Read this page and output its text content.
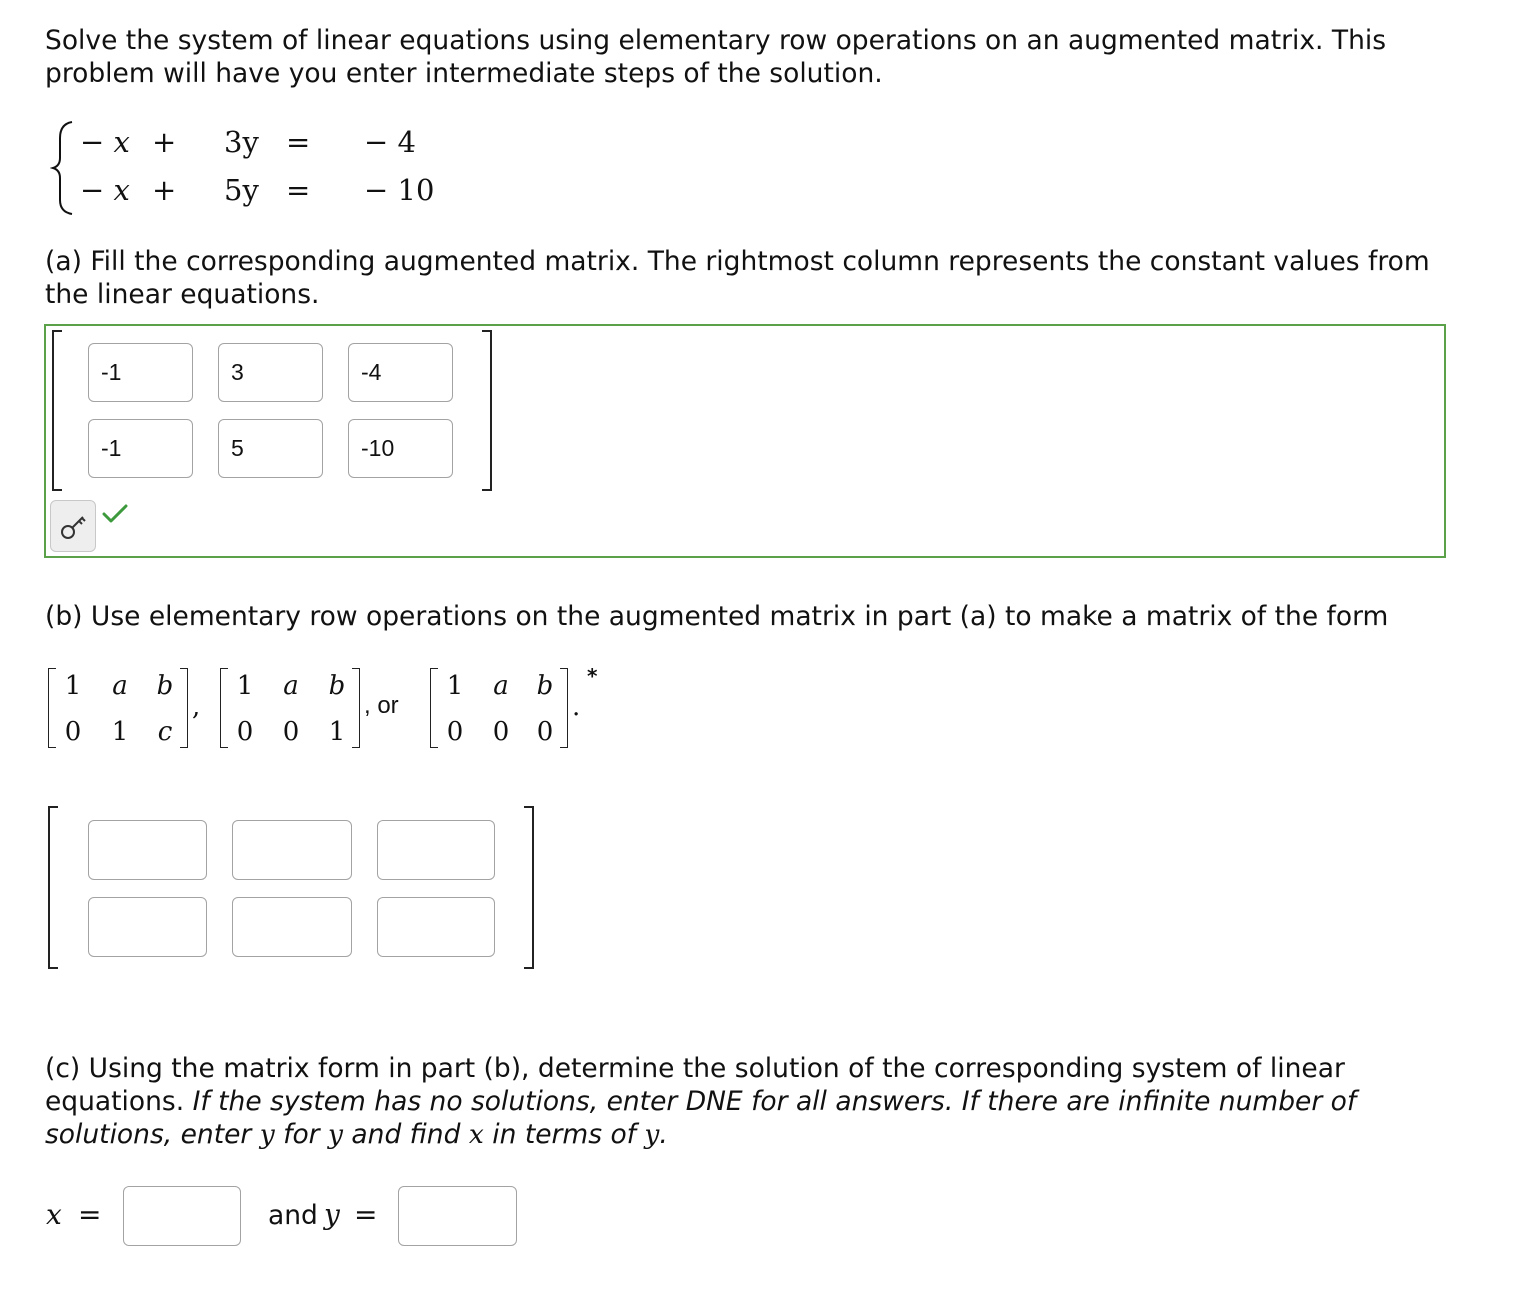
Solve the system of linear equations using elementary row operations on an augmented matrix. This
problem will have you enter intermediate steps of the solution.
− x + 3y = − 4
− x + 5y = − 10
(a) Fill the corresponding augmented matrix. The rightmost column represents the constant values from
the linear equations.
-1
3
-4
-1
5
-10
(b) Use elementary row operations on the augmented matrix in part (a) to make a matrix of the form
1 a b
0 1 c
,
1 a b
0 0 1
, or
1 a b
0 0 0
.
*
(c) Using the matrix form in part (b), determine the solution of the corresponding system of linear
equations. If the system has no solutions, enter DNE for all answers. If there are infinite number of
solutions, enter y for y and find x in terms of y.
x =	and y =
